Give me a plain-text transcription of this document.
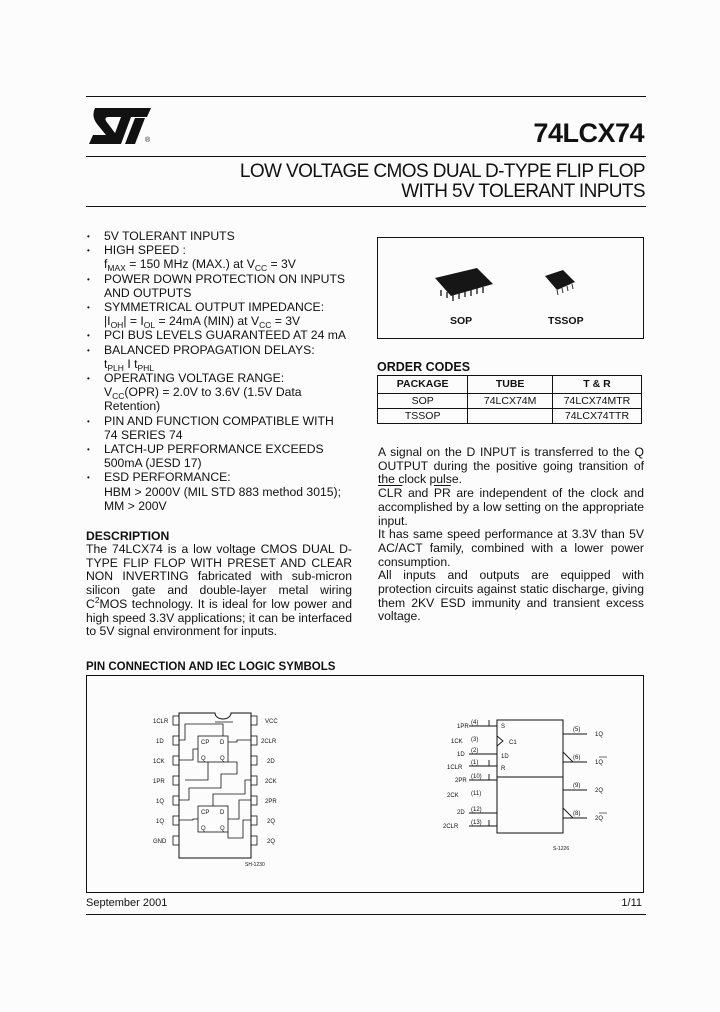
®	74LCX74
LOW VOLTAGE CMOS DUAL D-TYPE FLIP FLOP
WITH 5V TOLERANT INPUTS
• 5V TOLERANT INPUTS
• HIGH SPEED :
$f_{MAX} = 150$ MHz (MAX.) at $V_{CC} = 3V$
• POWER DOWN PROTECTION ON INPUTS
AND OUTPUTS
• SYMMETRICAL OUTPUT IMPEDANCE:
$|I_{OH}| = I_{OL} = 24mA$ (MIN) at $V_{CC} = 3V$
• PCI BUS LEVELS GUARANTEED AT 24 mA
• BALANCED PROPAGATION DELAYS:
$t_{PLH}$ I $t_{PHL}$
• OPERATING VOLTAGE RANGE:
$V_{CC}(OPR) = 2.0V$ to 3.6V (1.5V Data
Retention)
• PIN AND FUNCTION COMPATIBLE WITH
74 SERIES 74
• LATCH-UP PERFORMANCE EXCEEDS
500mA (JESD 17)
• ESD PERFORMANCE:
HBM > 2000V (MIL STD 883 method 3015);
MM > 200V
DESCRIPTION

The 74LCX74 is a low voltage CMOS DUAL D-TYPE FLIP FLOP WITH PRESET AND CLEAR NON INVERTING fabricated with sub-micron silicon gate and double-layer metal wiring $C^2MOS$ technology. It is ideal for low power and high speed 3.3V applications; it can be interfaced to 5V signal environment for inputs.

SOP	TSSOP
ORDER CODES
PACKAGE	TUBE	T & R
SOP	74LCX74M	74LCX74MTR
TSSOP		74LCX74TTR

A signal on the D INPUT is transferred to the Q OUTPUT during the positive going transition of the clock pulse.

$\overline{CLR}$ and $\overline{PR}$ are independent of the clock and accomplished by a low setting on the appropriate input.

It has same speed performance at 3.3V than 5V AC/ACT family, combined with a lower power consumption.

All inputs and outputs are equipped with protection circuits against static discharge, giving them 2KV ESD immunity and transient excess voltage.

PIN CONNECTION AND IEC LOGIC SYMBOLS
1CLR
1D
1CK
1PR
1Q
1Q
GND
VCC
2CLR
2D
2CK
2PR
2Q
2Q
CP D
Q Q
CP D
Q Q
SH-1230
1PR
1CK
1D
1CLR
2PR
2CK
2D
2CLR
(4)
(3)
(2)
(1)
(10)
(11)
(12)
(13)
S
C1
1D
R
(5)
(6)
(9)
(8)
1Q
1Q
2Q
2Q
S-1226
September 2001	1/11
